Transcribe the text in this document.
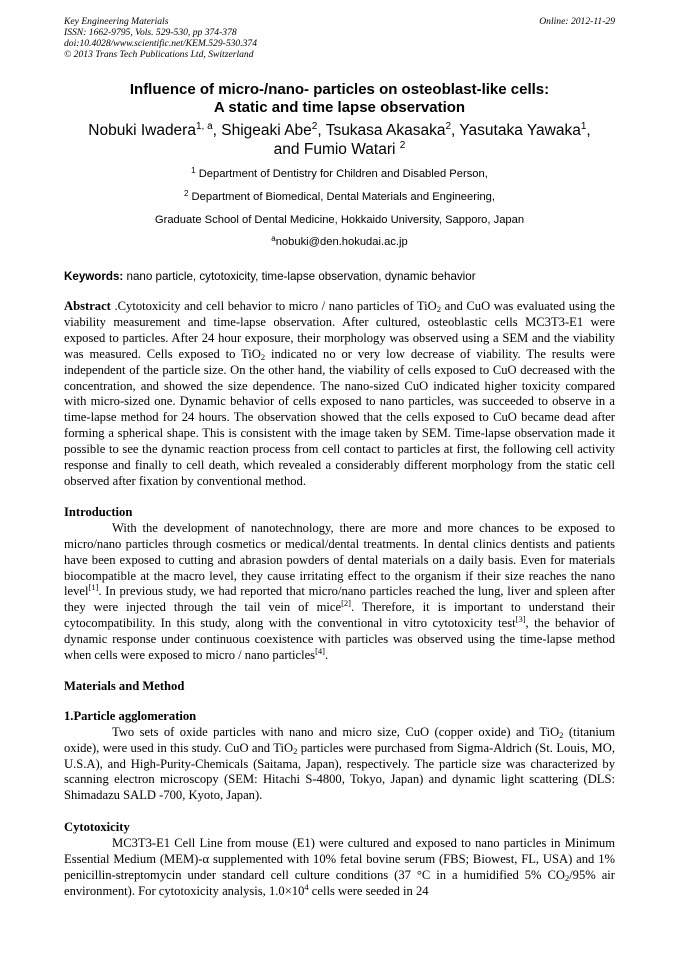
Key Engineering Materials
ISSN: 1662-9795, Vols. 529-530, pp 374-378
doi:10.4028/www.scientific.net/KEM.529-530.374
© 2013 Trans Tech Publications Ltd, Switzerland
Online: 2012-11-29
Influence of micro-/nano- particles on osteoblast-like cells:
A static and time lapse observation
Nobuki Iwadera$^{1, a}$, Shigeaki Abe$^2$, Tsukasa Akasaka$^2$, Yasutaka Yawaka$^1$,
and Fumio Watari $^2$
$^1$ Department of Dentistry for Children and Disabled Person,
$^2$ Department of Biomedical, Dental Materials and Engineering,
Graduate School of Dental Medicine, Hokkaido University, Sapporo, Japan
$^a$nobuki@den.hokudai.ac.jp
Keywords: nano particle, cytotoxicity, time-lapse observation, dynamic behavior
Abstract .Cytotoxicity and cell behavior to micro / nano particles of TiO$_2$ and CuO was evaluated using the viability measurement and time-lapse observation. After cultured, osteoblastic cells MC3T3-E1 were exposed to particles. After 24 hour exposure, their morphology was observed using a SEM and the viability was measured. Cells exposed to TiO$_2$ indicated no or very low decrease of viability. The results were independent of the particle size. On the other hand, the viability of cells exposed to CuO decreased with the concentration, and showed the size dependence. The nano-sized CuO indicated higher toxicity compared with micro-sized one. Dynamic behavior of cells exposed to nano particles, was succeeded to observe in a time-lapse method for 24 hours. The observation showed that the cells exposed to CuO became dead after forming a spherical shape. This is consistent with the image taken by SEM. Time-lapse observation made it possible to see the dynamic reaction process from cell contact to particles at first, the following cell activity response and finally to cell death, which revealed a considerably different morphology from the static cell observed after fixation by conventional method.
Introduction
With the development of nanotechnology, there are more and more chances to be exposed to micro/nano particles through cosmetics or medical/dental treatments. In dental clinics dentists and patients have been exposed to cutting and abrasion powders of dental materials on a daily basis. Even for materials biocompatible at the macro level, they cause irritating effect to the organism if their size reaches the nano level[1]. In previous study, we had reported that micro/nano particles reached the lung, liver and spleen after they were injected through the tail vein of mice[2]. Therefore, it is important to understand their cytocompatibility. In this study, along with the conventional in vitro cytotoxicity test[3], the behavior of dynamic response under continuous coexistence with particles was observed using the time-lapse method when cells were exposed to micro / nano particles[4].
Materials and Method
1.Particle agglomeration
Two sets of oxide particles with nano and micro size, CuO (copper oxide) and TiO$_2$ (titanium oxide), were used in this study. CuO and TiO$_2$ particles were purchased from Sigma-Aldrich (St. Louis, MO, U.S.A), and High-Purity-Chemicals (Saitama, Japan), respectively. The particle size was characterized by scanning electron microscopy (SEM: Hitachi S-4800, Tokyo, Japan) and dynamic light scattering (DLS: Shimadazu SALD -700, Kyoto, Japan).
Cytotoxicity
MC3T3-E1 Cell Line from mouse (E1) were cultured and exposed to nano particles in Minimum Essential Medium (MEM)-α supplemented with 10% fetal bovine serum (FBS; Biowest, FL, USA) and 1% penicillin-streptomycin under standard cell culture conditions (37 °C in a humidified 5% $CO_2/95\%$ air environment). For cytotoxicity analysis, $1.0\times 10^4$ cells were seeded in 24
